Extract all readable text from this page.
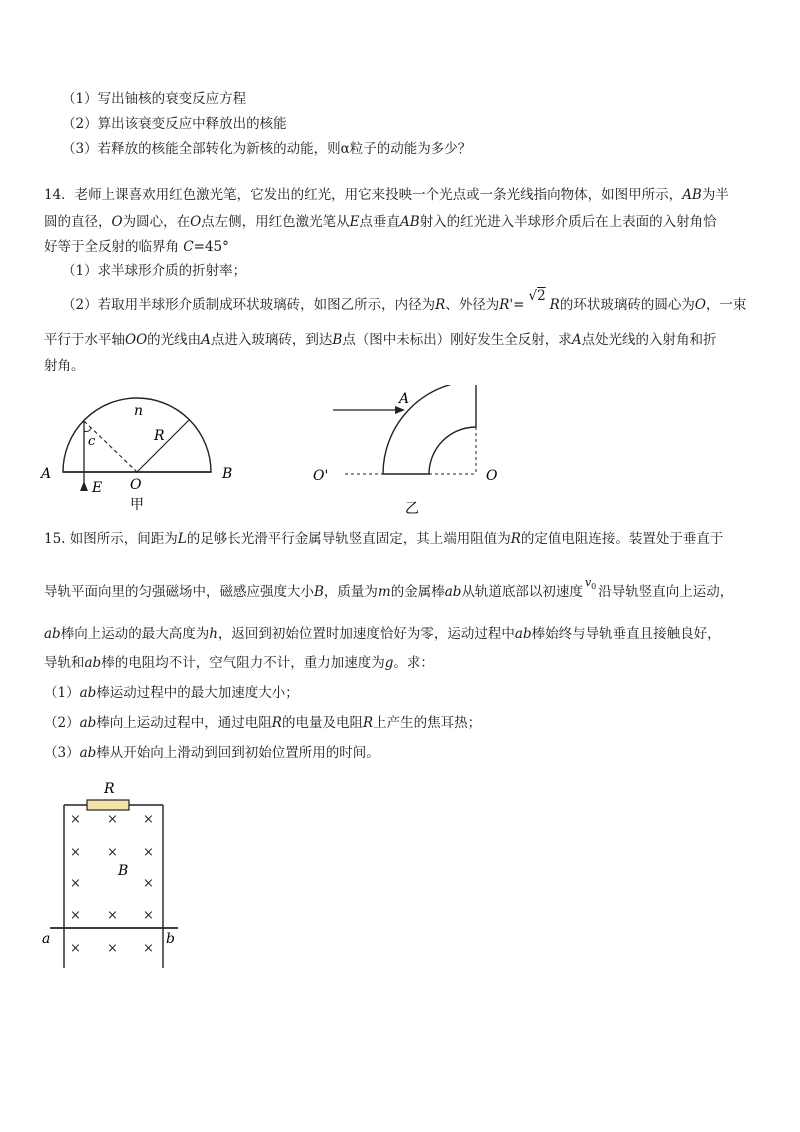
（1）写出铀核的衰变反应方程
（2）算出该衰变反应中释放出的核能
（3）若释放的核能全部转化为新核的动能，则α粒子的动能为多少？
14．老师上课喜欢用红色激光笔，它发出的红光，用它来投映一个光点或一条光线指向物体，如图甲所示，AB为半
圆的直径，O为圆心，在O点左侧，用红色激光笔从E点垂直AB射入的红光进入半球形介质后在上表面的入射角恰
好等于全反射的临界角 C=45°
（1）求半球形介质的折射率；
（2）若取用半球形介质制成环状玻璃砖，如图乙所示，内径为R、外径为R'=√2R的环状玻璃砖的圆心为O，一束
平行于水平轴OO的光线由A点进入玻璃砖，到达B点（图中未标出）刚好发生全反射，求A点处光线的入射角和折
射角。
n
c	R
A	B
E O
甲
A
O'	O
乙
15. 如图所示，间距为L的足够长光滑平行金属导轨竖直固定，其上端用阻值为R的定值电阻连接。装置处于垂直于
导轨平面向里的匀强磁场中，磁感应强度大小B，质量为m的金属棒ab从轨道底部以初速度$^{v_0}$ 沿导轨竖直向上运动，
ab棒向上运动的最大高度为h，返回到初始位置时加速度恰好为零，运动过程中ab棒始终与导轨垂直且接触良好，
导轨和ab棒的电阻均不计，空气阻力不计，重力加速度为g。求：
（1）ab棒运动过程中的最大加速度大小；
（2）ab棒向上运动过程中，通过电阻R的电量及电阻R上产生的焦耳热；
（3）ab棒从开始向上滑动到回到初始位置所用的时间。
R
B
a	b
× × ×
× × ×
×	×
× × ×
× × ×
